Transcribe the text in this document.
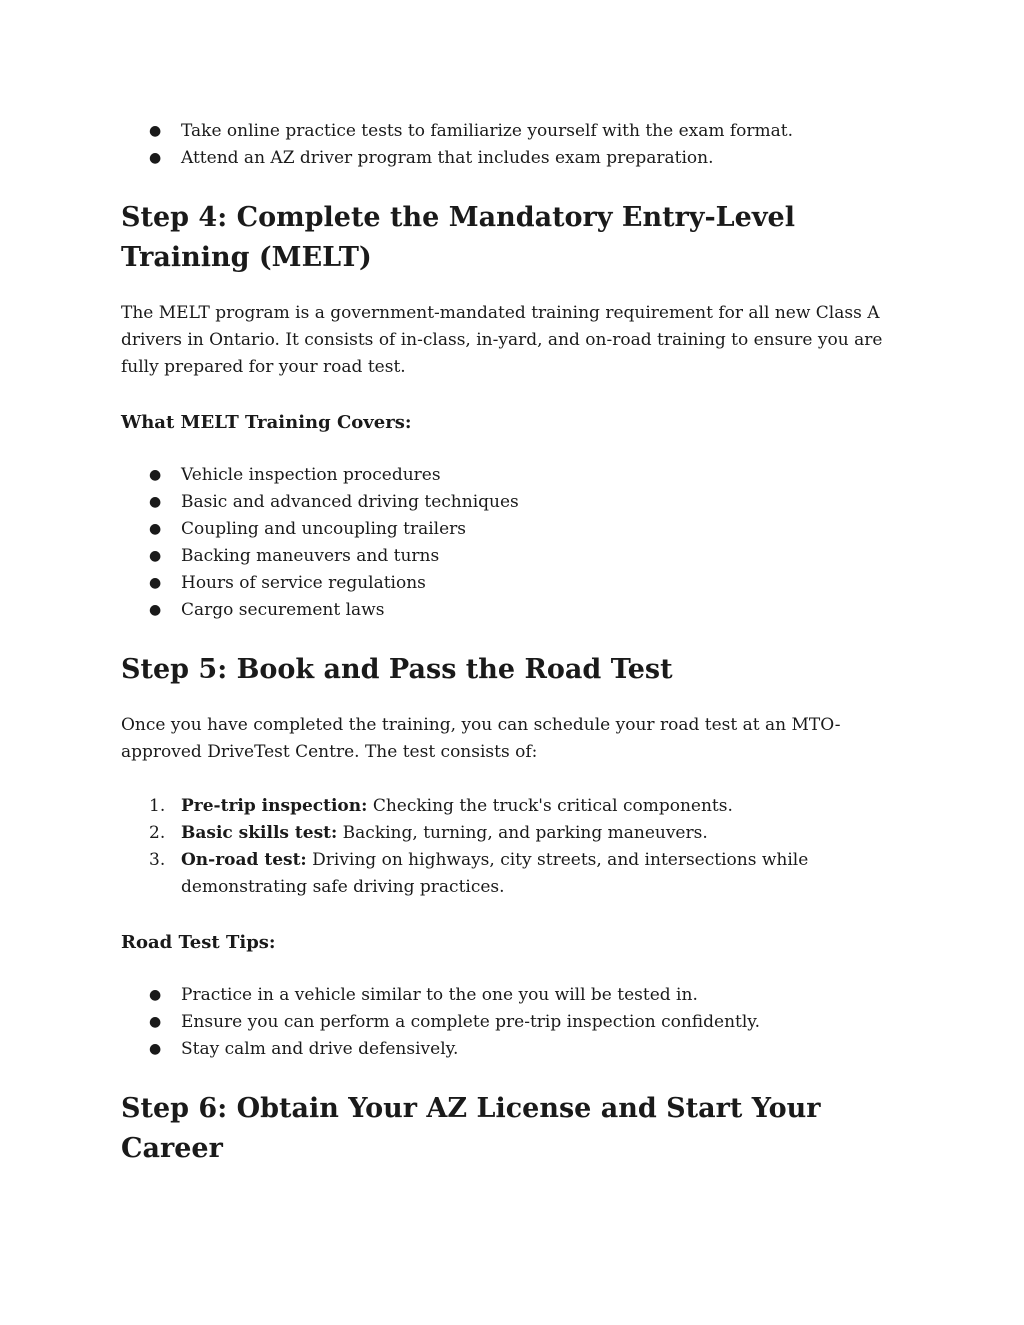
● Take online practice tests to familiarize yourself with the exam format.
● Attend an AZ driver program that includes exam preparation.
Step 4: Complete the Mandatory Entry-Level Training (MELT)

The MELT program is a government-mandated training requirement for all new Class A drivers in Ontario. It consists of in-class, in-yard, and on-road training to ensure you are fully prepared for your road test.

What MELT Training Covers:
● Vehicle inspection procedures
● Basic and advanced driving techniques
● Coupling and uncoupling trailers
● Backing maneuvers and turns
● Hours of service regulations
● Cargo securement laws
Step 5: Book and Pass the Road Test

Once you have completed the training, you can schedule your road test at an MTO-approved DriveTest Centre. The test consists of:

1. Pre-trip inspection: Checking the truck's critical components.
2. Basic skills test: Backing, turning, and parking maneuvers.
3. On-road test: Driving on highways, city streets, and intersections while demonstrating safe driving practices.
Road Test Tips:
● Practice in a vehicle similar to the one you will be tested in.
● Ensure you can perform a complete pre-trip inspection confidently.
● Stay calm and drive defensively.
Step 6: Obtain Your AZ License and Start Your Career
